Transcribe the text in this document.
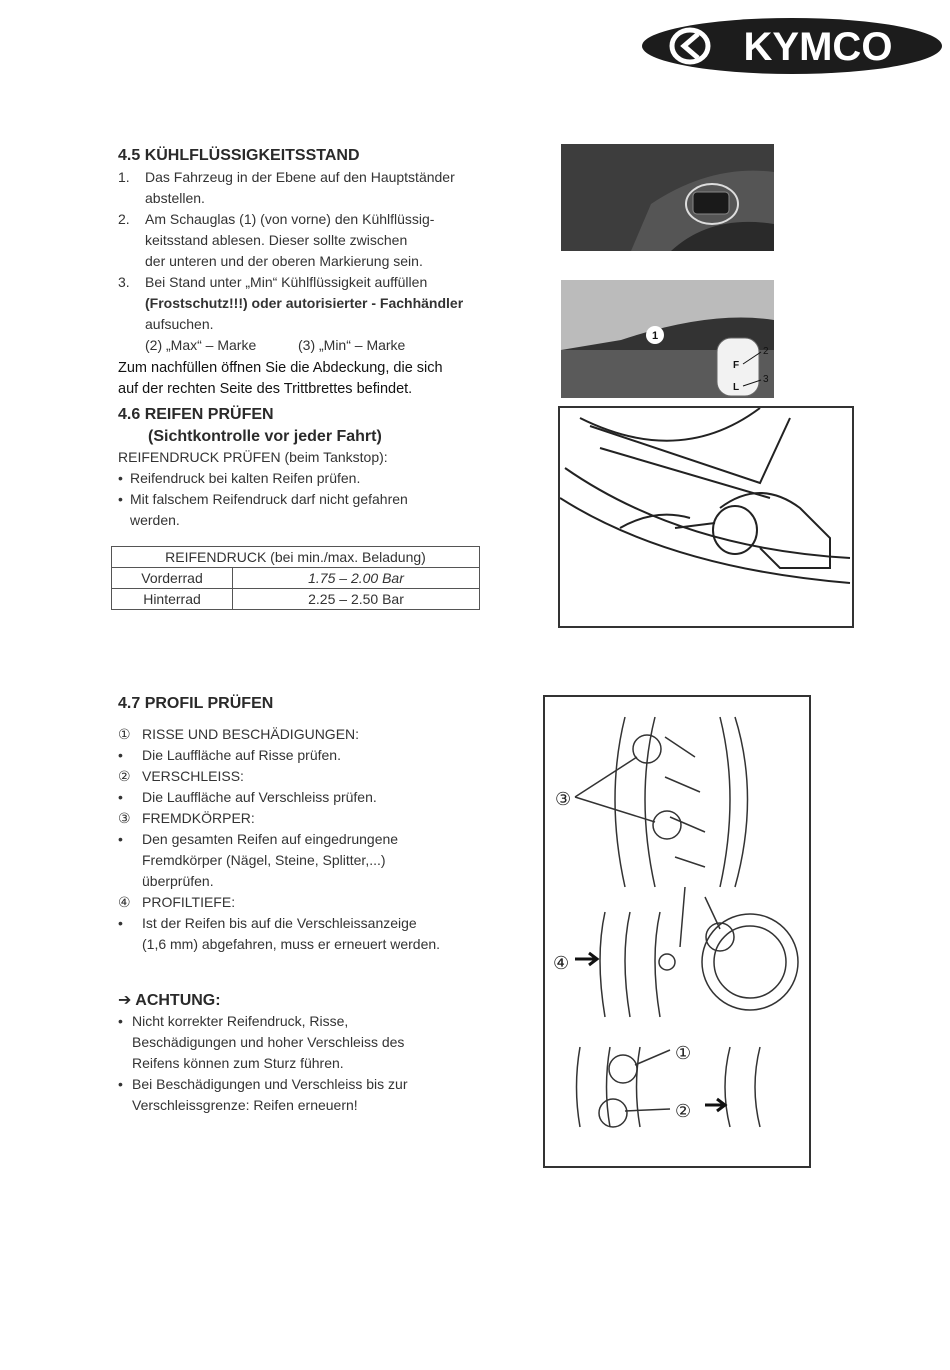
KYMCO
4.5 KÜHLFLÜSSIGKEITSSTAND
1. Das Fahrzeug in der Ebene auf den Hauptständer
abstellen.
2. Am Schauglas (1) (von vorne) den Kühlflüssig-
keitsstand ablesen. Dieser sollte zwischen
der unteren und der oberen Markierung sein.
3. Bei Stand unter „Min“ Kühlflüssigkeit auffüllen
(Frostschutz!!!) oder autorisierter - Fachhändler
aufsuchen.
(2) „Max“ – Marke	(3) „Min“ – Marke
Zum nachfüllen öffnen Sie die Abdeckung, die sich
auf der rechten Seite des Trittbrettes befindet.
1
F
L
2
3
4.6 REIFEN PRÜFEN
(Sichtkontrolle vor jeder Fahrt)
REIFENDRUCK PRÜFEN (beim Tankstop):
• Reifendruck bei kalten Reifen prüfen.
• Mit falschem Reifendruck darf nicht gefahren
werden.
REIFENDRUCK (bei min./max. Beladung)	
Vorderrad	1.75 – 2.00 Bar
Hinterrad	2.25 – 2.50 Bar
4.7 PROFIL PRÜFEN
① RISSE UND BESCHÄDIGUNGEN:
• Die Lauffläche auf Risse prüfen.
② VERSCHLEISS:
• Die Lauffläche auf Verschleiss prüfen.
③ FREMDKÖRPER:
• Den gesamten Reifen auf eingedrungene
Fremdkörper (Nägel, Steine, Splitter,...)
überprüfen.
④ PROFILTIEFE:
• Ist der Reifen bis auf die Verschleissanzeige
(1,6 mm) abgefahren, muss er erneuert werden.
➔ ACHTUNG:
• Nicht korrekter Reifendruck, Risse,
Beschädigungen und hoher Verschleiss des
Reifens können zum Sturz führen.
• Bei Beschädigungen und Verschleiss bis zur
Verschleissgrenze: Reifen erneuern!
③
④
①
②
